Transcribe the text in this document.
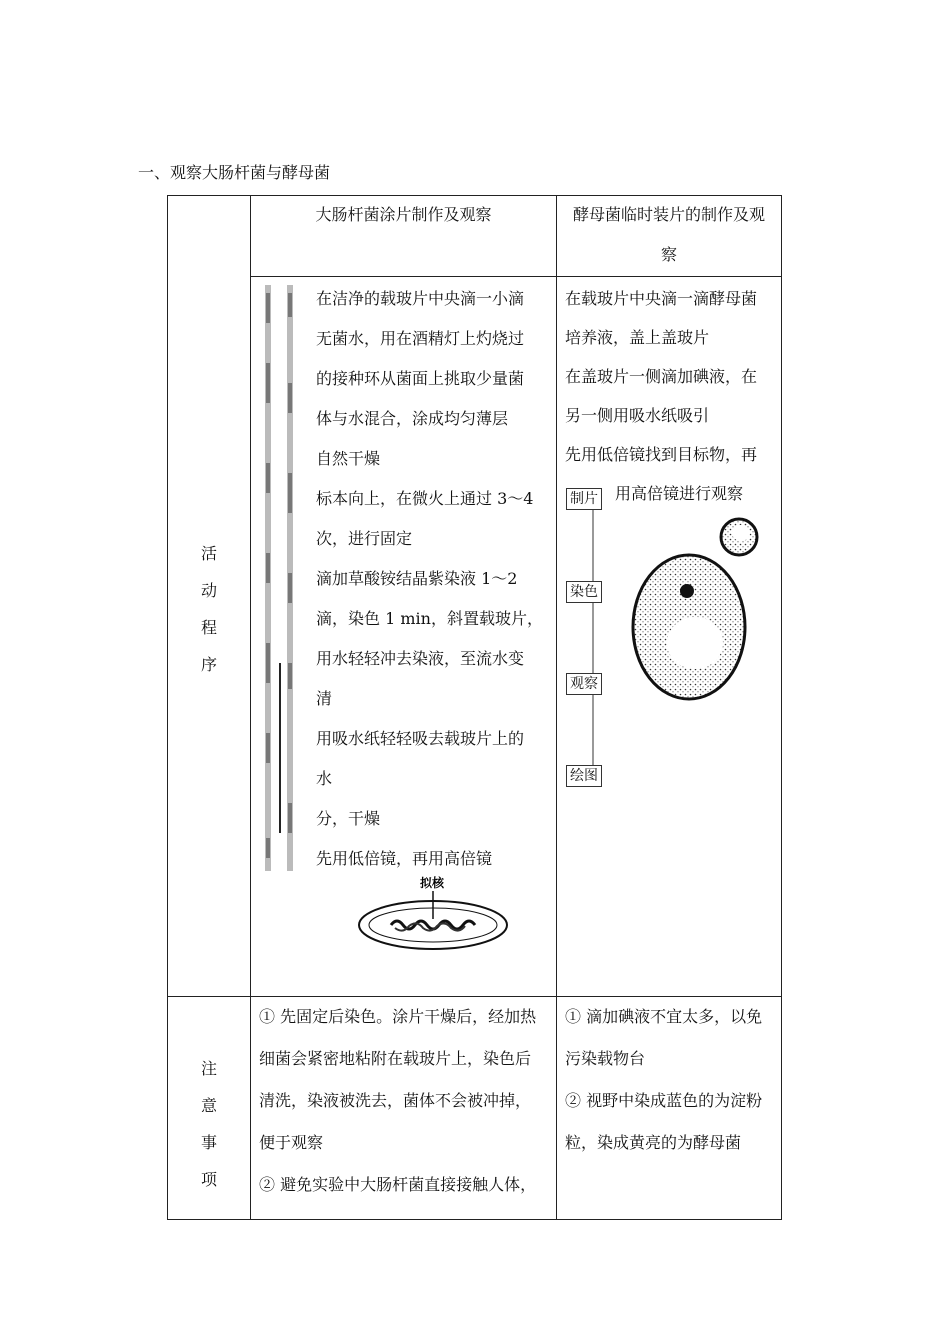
一、观察大肠杆菌与酵母菌
大肠杆菌涂片制作及观察	酵母菌临时装片的制作及观
察
活
动
程
序

在洁净的载玻片中央滴一小滴

无菌水，用在酒精灯上灼烧过

的接种环从菌面上挑取少量菌

体与水混合，涂成均匀薄层

自然干燥

标本向上，在微火上通过 3～4

次，进行固定

滴加草酸铵结晶紫染液 1～2

滴，染色 1 min，斜置载玻片，

用水轻轻冲去染液，至流水变

清

用吸水纸轻轻吸去载玻片上的

水

分，干燥

先用低倍镜，再用高倍镜

拟核

在载玻片中央滴一滴酵母菌

培养液，盖上盖玻片

在盖玻片一侧滴加碘液，在

另一侧用吸水纸吸引

先用低倍镜找到目标物，再

用高倍镜进行观察

制片
染色
观察
绘图
注
意
事
项

① 先固定后染色。涂片干燥后，经加热

细菌会紧密地粘附在载玻片上，染色后

清洗，染液被洗去，菌体不会被冲掉，

便于观察

② 避免实验中大肠杆菌直接接触人体，

① 滴加碘液不宜太多，以免

污染载物台

② 视野中染成蓝色的为淀粉

粒，染成黄亮的为酵母菌
